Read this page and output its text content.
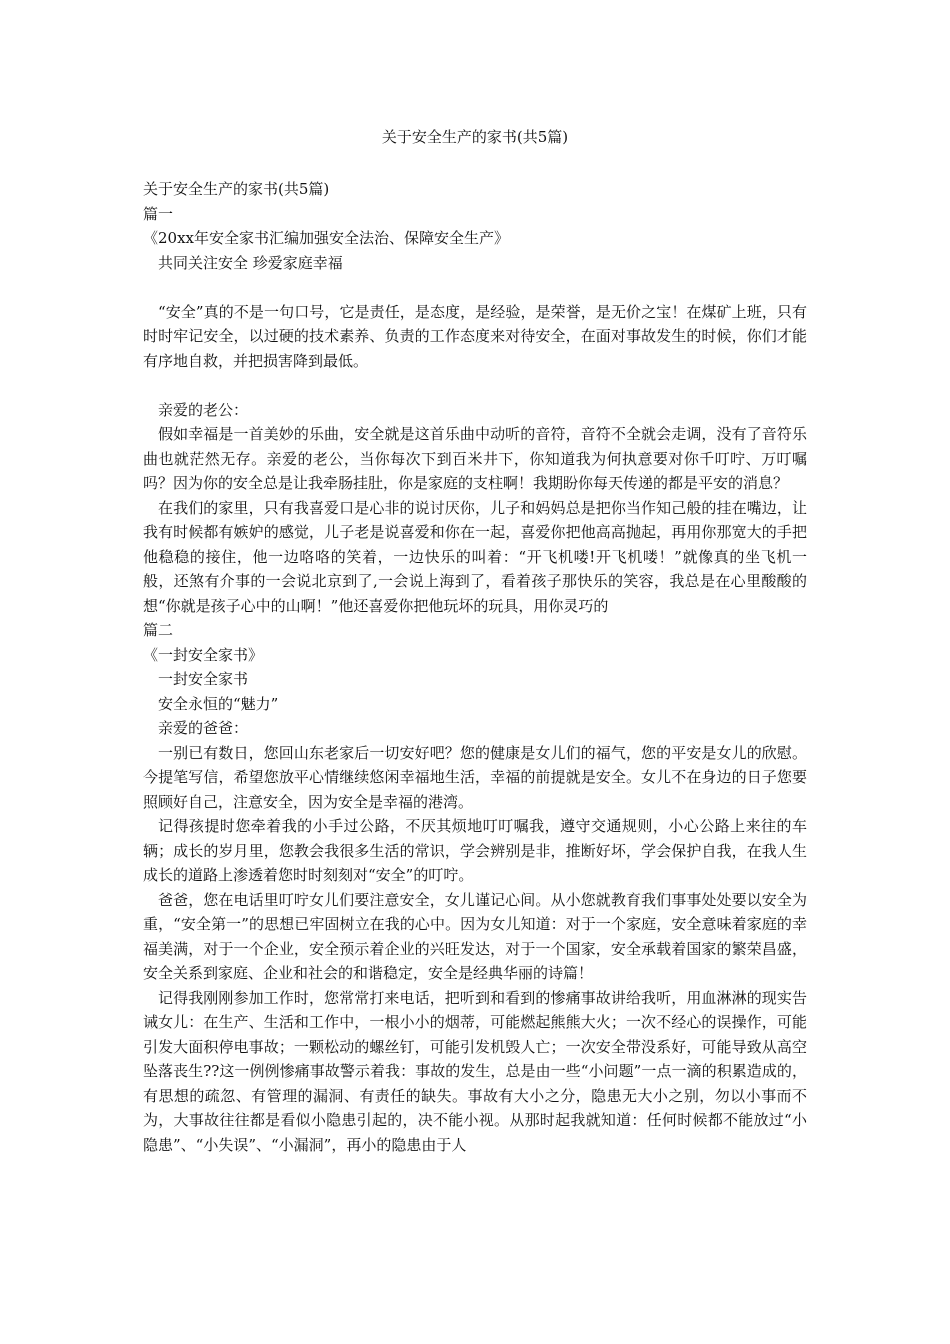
关于安全生产的家书(共5篇)

关于安全生产的家书(共5篇)

篇一

《20xx年安全家书汇编加强安全法治、保障安全生产》

共同关注安全 珍爱家庭幸福

“安全”真的不是一句口号，它是责任，是态度，是经验，是荣誉，是无价之宝！在煤矿上班，只有时时牢记安全，以过硬的技术素养、负责的工作态度来对待安全，在面对事故发生的时候，你们才能有序地自救，并把损害降到最低。

亲爱的老公：

假如幸福是一首美妙的乐曲，安全就是这首乐曲中动听的音符，音符不全就会走调，没有了音符乐曲也就茫然无存。亲爱的老公，当你每次下到百米井下，你知道我为何执意要对你千叮咛、万叮嘱吗？因为你的安全总是让我牵肠挂肚，你是家庭的支柱啊！我期盼你每天传递的都是平安的消息？

在我们的家里，只有我喜爱口是心非的说讨厌你，儿子和妈妈总是把你当作知己般的挂在嘴边，让我有时候都有嫉妒的感觉，儿子老是说喜爱和你在一起，喜爱你把他高高抛起，再用你那宽大的手把他稳稳的接住，他一边咯咯的笑着，一边快乐的叫着：“开飞机喽!开飞机喽！”就像真的坐飞机一般，还煞有介事的一会说北京到了,一会说上海到了，看着孩子那快乐的笑容，我总是在心里酸酸的想“你就是孩子心中的山啊！”他还喜爱你把他玩坏的玩具，用你灵巧的

篇二

《一封安全家书》

一封安全家书

安全永恒的“魅力”

亲爱的爸爸：

一别已有数日，您回山东老家后一切安好吧？您的健康是女儿们的福气，您的平安是女儿的欣慰。今提笔写信，希望您放平心情继续悠闲幸福地生活，幸福的前提就是安全。女儿不在身边的日子您要照顾好自己，注意安全，因为安全是幸福的港湾。

记得孩提时您牵着我的小手过公路，不厌其烦地叮叮嘱我，遵守交通规则，小心公路上来往的车辆；成长的岁月里，您教会我很多生活的常识，学会辨别是非，推断好坏，学会保护自我，在我人生成长的道路上渗透着您时时刻刻对“安全”的叮咛。

爸爸，您在电话里叮咛女儿们要注意安全，女儿谨记心间。从小您就教育我们事事处处要以安全为重，“安全第一”的思想已牢固树立在我的心中。因为女儿知道：对于一个家庭，安全意味着家庭的幸福美满，对于一个企业，安全预示着企业的兴旺发达，对于一个国家，安全承载着国家的繁荣昌盛，安全关系到家庭、企业和社会的和谐稳定，安全是经典华丽的诗篇！

记得我刚刚参加工作时，您常常打来电话，把听到和看到的惨痛事故讲给我听，用血淋淋的现实告诫女儿：在生产、生活和工作中，一根小小的烟蒂，可能燃起熊熊大火；一次不经心的误操作，可能引发大面积停电事故；一颗松动的螺丝钉，可能引发机毁人亡；一次安全带没系好，可能导致从高空坠落丧生??这一例例惨痛事故警示着我：事故的发生，总是由一些“小问题”一点一滴的积累造成的，有思想的疏忽、有管理的漏洞、有责任的缺失。事故有大小之分，隐患无大小之别，勿以小事而不为，大事故往往都是看似小隐患引起的，决不能小视。从那时起我就知道：任何时候都不能放过“小隐患”、“小失误”、“小漏洞”，再小的隐患由于人
